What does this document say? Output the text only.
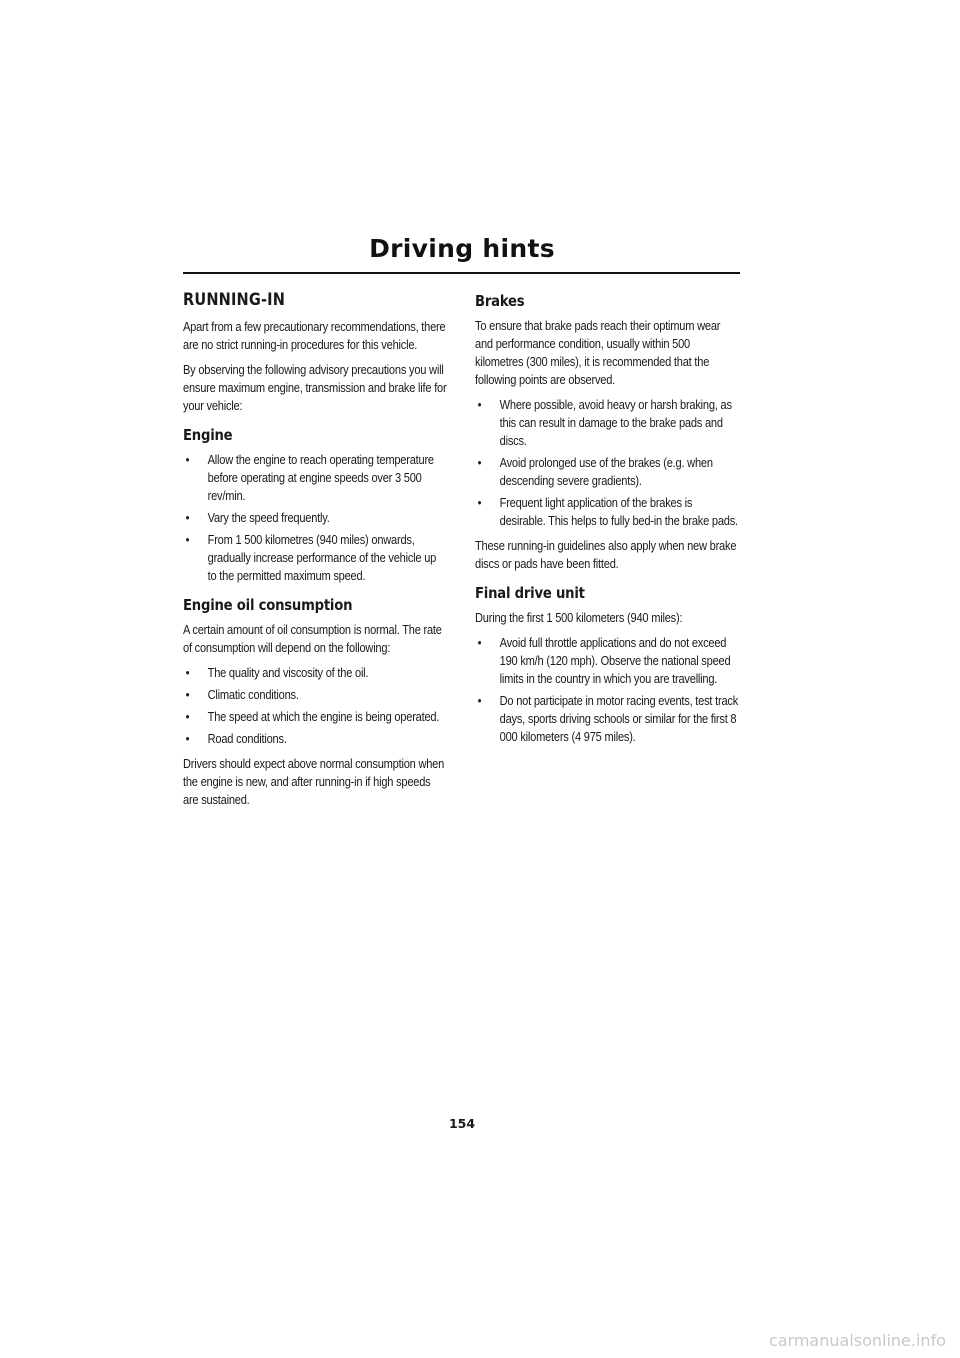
Driving hints
RUNNING-IN

Apart from a few precautionary recommendations, there are no strict running-in procedures for this vehicle.

By observing the following advisory precautions you will ensure maximum engine, transmission and brake life for your vehicle:

Engine
• Allow the engine to reach operating temperature before operating at engine speeds over 3 500 rev/min.
• Vary the speed frequently.
• From 1 500 kilometres (940 miles) onwards, gradually increase performance of the vehicle up to the permitted maximum speed.
Engine oil consumption

A certain amount of oil consumption is normal. The rate of consumption will depend on the following:

• The quality and viscosity of the oil.
• Climatic conditions.
• The speed at which the engine is being operated.
• Road conditions.

Drivers should expect above normal consumption when the engine is new, and after running-in if high speeds are sustained.

Brakes

To ensure that brake pads reach their optimum wear and performance condition, usually within 500 kilometres (300 miles), it is recommended that the following points are observed.

• Where possible, avoid heavy or harsh braking, as this can result in damage to the brake pads and discs.
• Avoid prolonged use of the brakes (e.g. when descending severe gradients).
• Frequent light application of the brakes is desirable. This helps to fully bed-in the brake pads.

These running-in guidelines also apply when new brake discs or pads have been fitted.

Final drive unit

During the first 1 500 kilometers (940 miles):

• Avoid full throttle applications and do not exceed 190 km/h (120 mph). Observe the national speed limits in the country in which you are travelling.
• Do not participate in motor racing events, test track days, sports driving schools or similar for the first 8 000 kilometers (4 975 miles).
154
carmanualsonline.info
